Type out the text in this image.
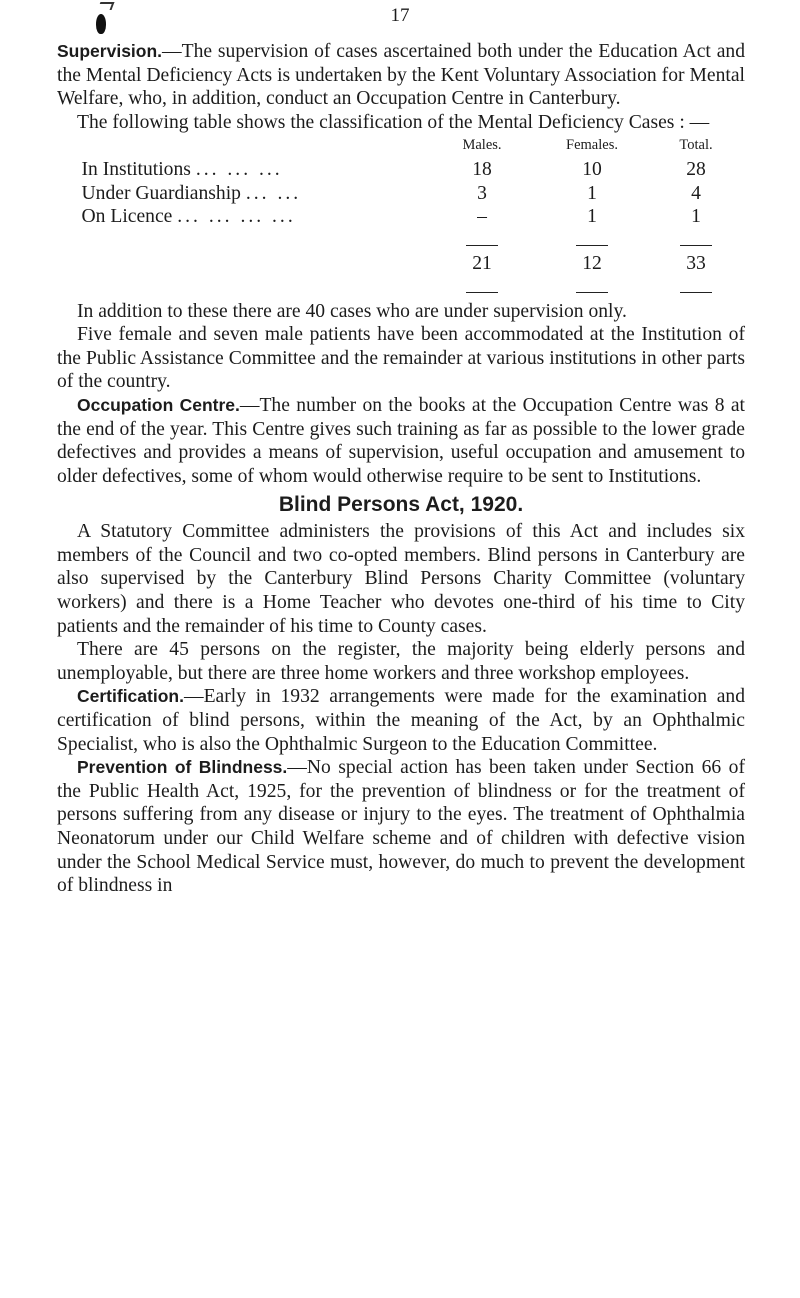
17

Supervision.—The supervision of cases ascertained both under the Education Act and the Mental Deficiency Acts is undertaken by the Kent Voluntary Association for Mental Welfare, who, in addition, conduct an Occupation Centre in Canterbury.

The following table shows the classification of the Mental Deficiency Cases : —

	Males.	Females.	Total.
In Institutions ... ... ...	18	10	28
Under Guardianship ... ...	3	1	4
On Licence ... ... ... ...	–	1	1

	21	12	33

In addition to these there are 40 cases who are under supervision only.

Five female and seven male patients have been accommodated at the Institution of the Public Assistance Committee and the remainder at various institutions in other parts of the country.

Occupation Centre.—The number on the books at the Occupation Centre was 8 at the end of the year. This Centre gives such training as far as possible to the lower grade defectives and provides a means of supervision, useful occupation and amusement to older defectives, some of whom would otherwise require to be sent to Institutions.

Blind Persons Act, 1920.

A Statutory Committee administers the provisions of this Act and includes six members of the Council and two co-opted members. Blind persons in Canterbury are also supervised by the Canterbury Blind Persons Charity Committee (voluntary workers) and there is a Home Teacher who devotes one-third of his time to City patients and the remainder of his time to County cases.

There are 45 persons on the register, the majority being elderly persons and unemployable, but there are three home workers and three workshop employees.

Certification.—Early in 1932 arrangements were made for the examination and certification of blind persons, within the meaning of the Act, by an Ophthalmic Specialist, who is also the Ophthalmic Surgeon to the Education Committee.

Prevention of Blindness.—No special action has been taken under Section 66 of the Public Health Act, 1925, for the prevention of blindness or for the treatment of persons suffering from any disease or injury to the eyes. The treatment of Ophthalmia Neonatorum under our Child Welfare scheme and of children with defective vision under the School Medical Service must, however, do much to prevent the development of blindness in
